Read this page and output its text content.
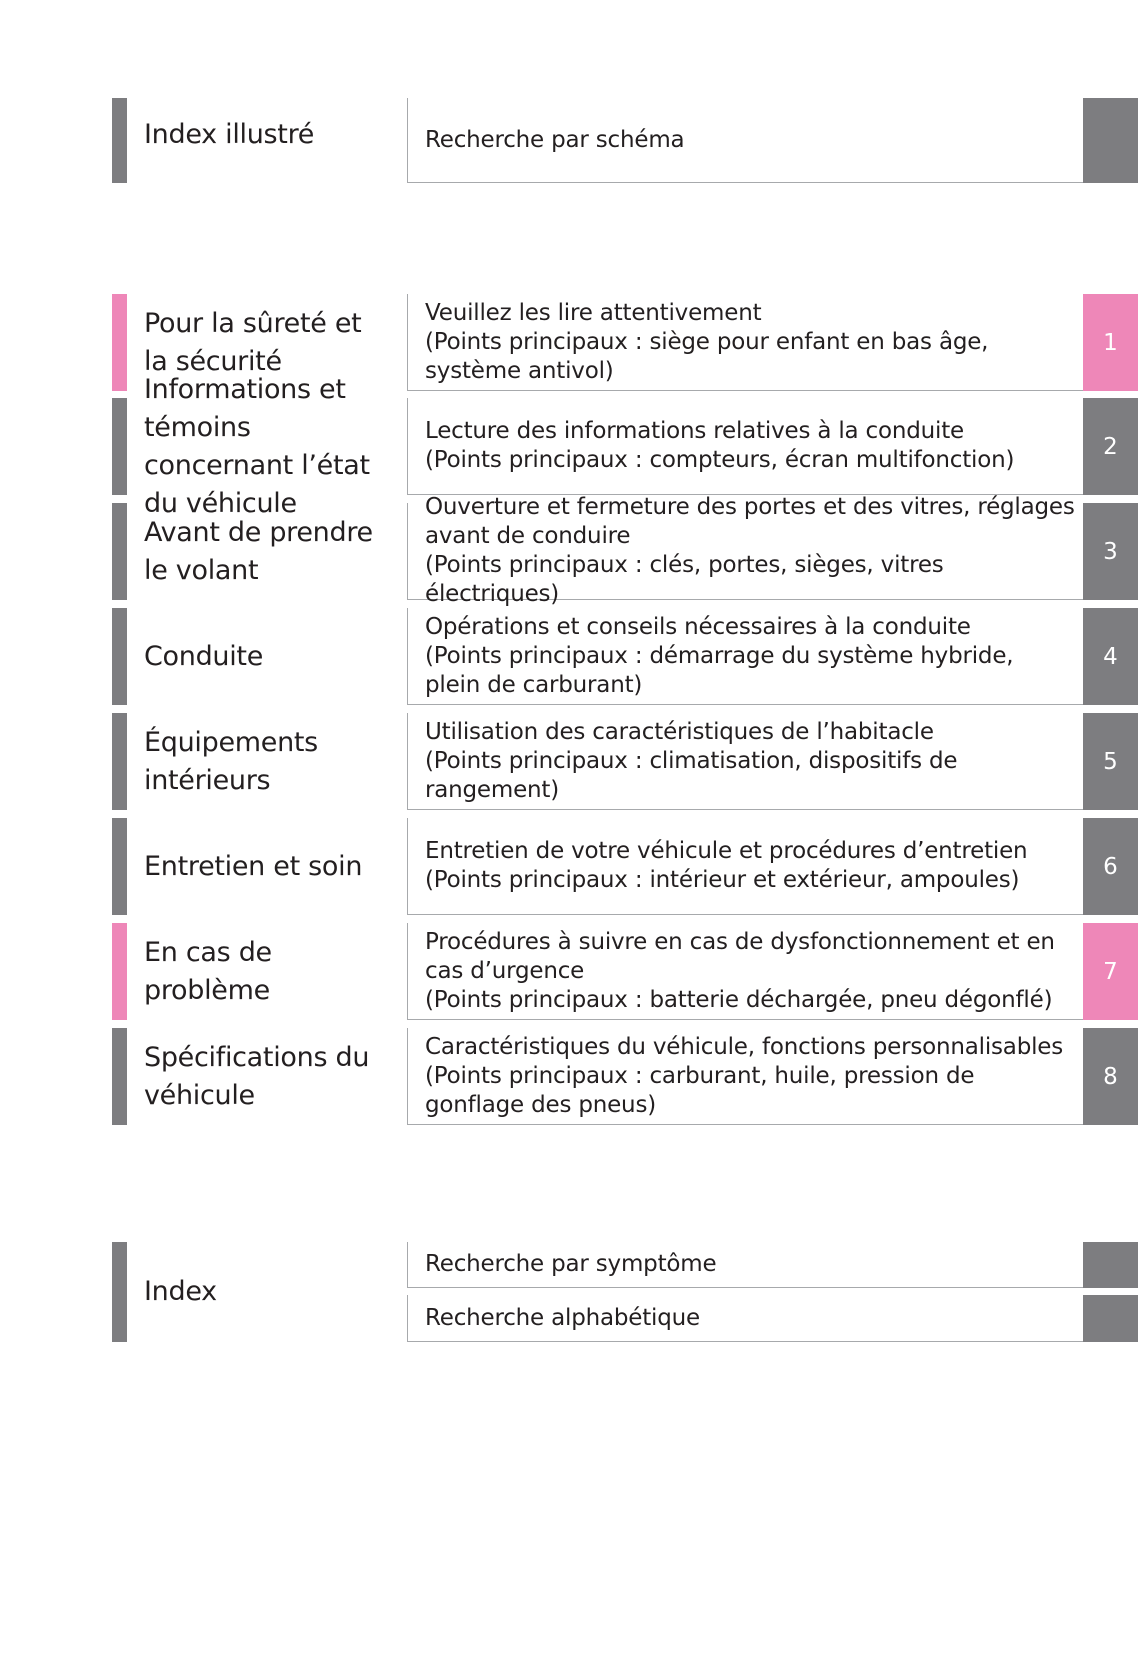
Index illustré	Recherche par schéma
Pour la sûreté et la sécurité
Veuillez les lire attentivement
(Points principaux : siège pour enfant en bas âge, système antivol)
1
Informations et témoins concernant l’état du véhicule
Lecture des informations relatives à la conduite
(Points principaux : compteurs, écran multifonction)
2
Avant de prendre le volant
Ouverture et fermeture des portes et des vitres, réglages avant de conduire
(Points principaux : clés, portes, sièges, vitres électriques)
3
Conduite
Opérations et conseils nécessaires à la conduite
(Points principaux : démarrage du système hybride, plein de carburant)
4
Équipements intérieurs
Utilisation des caractéristiques de l’habitacle
(Points principaux : climatisation, dispositifs de rangement)
5
Entretien et soin	Entretien de votre véhicule et procédures d’entretien
(Points principaux : intérieur et extérieur, ampoules)
6
En cas de problème
Procédures à suivre en cas de dysfonctionnement et en cas d’urgence
(Points principaux : batterie déchargée, pneu dégonflé)
7
Spécifications du véhicule
Caractéristiques du véhicule, fonctions personnalisables
(Points principaux : carburant, huile, pression de gonflage des pneus)
8
Index
Recherche par symptôme
Recherche alphabétique
